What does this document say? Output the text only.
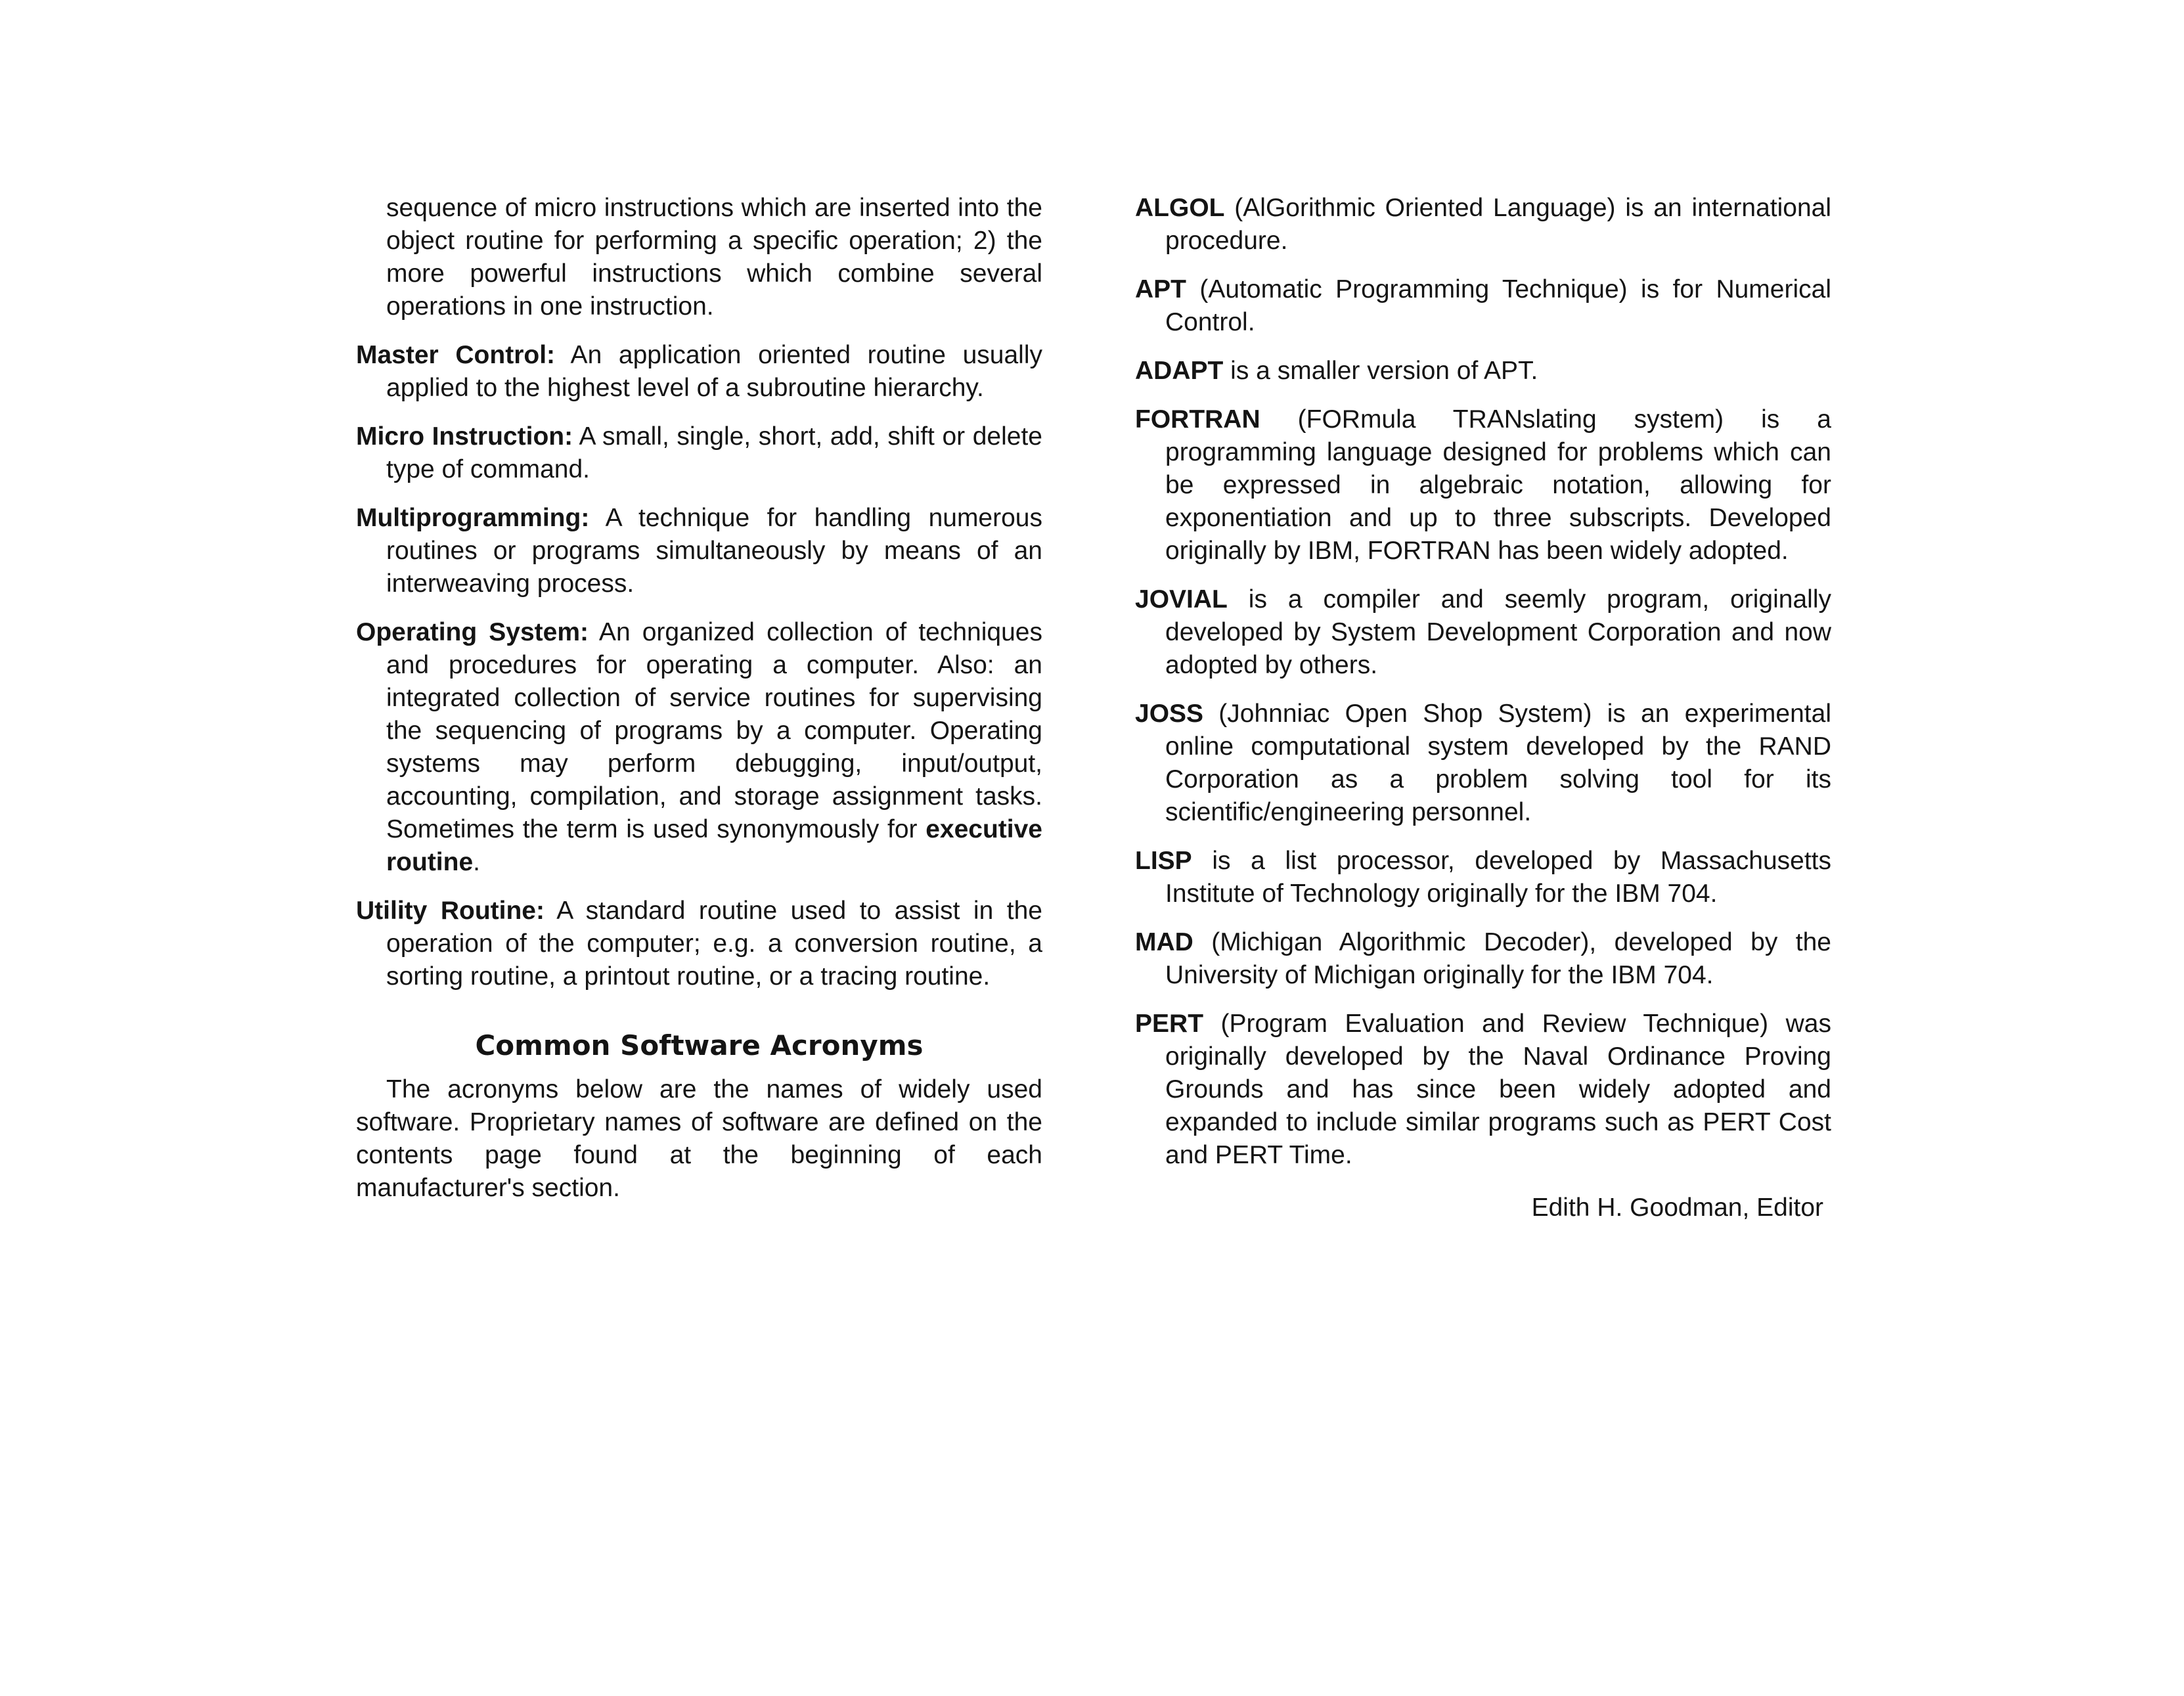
sequence of micro instructions which are inserted into the object routine for performing a specific operation; 2) the more powerful instructions which combine several operations in one instruction.

Master Control: An application oriented routine usually applied to the highest level of a subroutine hierarchy.

Micro Instruction: A small, single, short, add, shift or delete type of command.

Multiprogramming: A technique for handling numerous routines or programs simultaneously by means of an interweaving process.

Operating System: An organized collection of techniques and procedures for operating a computer. Also: an integrated collection of service routines for supervising the sequencing of programs by a computer. Operating systems may perform debugging, input/output, accounting, compilation, and storage assignment tasks. Sometimes the term is used synonymously for executive routine.

Utility Routine: A standard routine used to assist in the operation of the computer; e.g. a conversion routine, a sorting routine, a printout routine, or a tracing routine.

Common Software Acronyms

The acronyms below are the names of widely used software. Proprietary names of software are defined on the contents page found at the beginning of each manufacturer's section.

ALGOL (AlGorithmic Oriented Language) is an international procedure.

APT (Automatic Programming Technique) is for Numerical Control.

ADAPT is a smaller version of APT.

FORTRAN (FORmula TRANslating system) is a programming language designed for problems which can be expressed in algebraic notation, allowing for exponentiation and up to three subscripts. Developed originally by IBM, FORTRAN has been widely adopted.

JOVIAL is a compiler and seemly program, originally developed by System Development Corporation and now adopted by others.

JOSS (Johnniac Open Shop System) is an experimental online computational system developed by the RAND Corporation as a problem solving tool for its scientific/engineering personnel.

LISP is a list processor, developed by Massachusetts Institute of Technology originally for the IBM 704.

MAD (Michigan Algorithmic Decoder), developed by the University of Michigan originally for the IBM 704.

PERT (Program Evaluation and Review Technique) was originally developed by the Naval Ordinance Proving Grounds and has since been widely adopted and expanded to include similar programs such as PERT Cost and PERT Time.

Edith H. Goodman, Editor
